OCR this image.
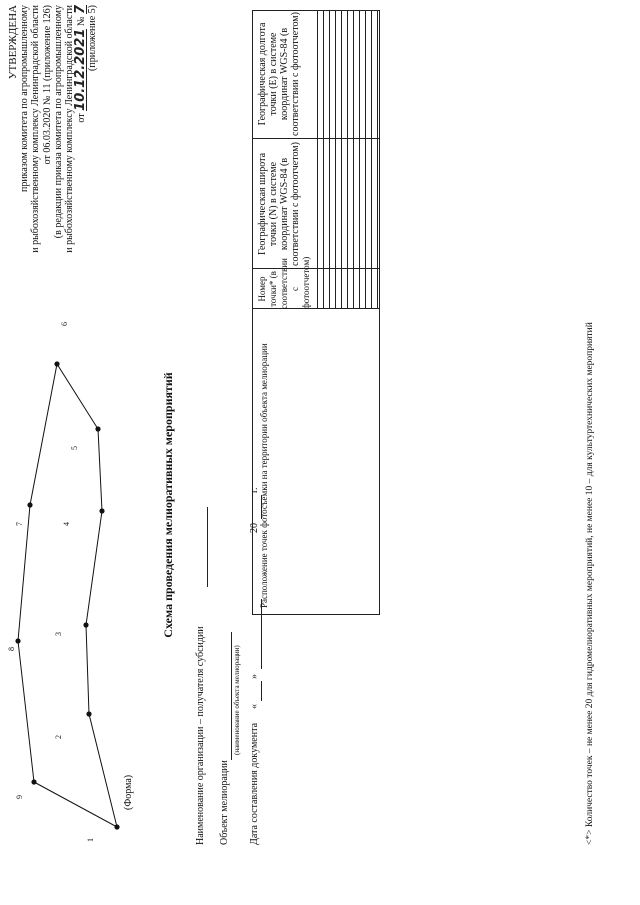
УТВЕРЖДЕНА приказом комитета по агропромышленному и рыбохозяйственному комплексу Ленинградской области от 06.03.2020 № 11 (приложение 126) (в редакции приказа комитета по агропромышленному и рыбохозяйственному комплексу Ленинградской области от 10.12.2021 № 7 (приложение 5)
Схема проведения мелиоративных мероприятий
(Форма)	Наименование организации – получателя субсидии Объект мелиорации
(наименование объекта мелиорации)
Дата составления документа
«
»
20
г. Расположение точек фотосъемки на территории объекта мелиорации
Номер точки* (в соответствии с фотоотчетом)
Географическая широта точки (N) в системе координат WGS-84 (в соответствии с фотоотчетом)
Географическая долгота точки (E) в системе координат WGS-84 (в соответствии с фотоотчетом)
1
2
3
4
5
6
7
8
9	<*> Количество точек – не менее 20 для гидромелиоративных мероприятий, не менее 10 – для культуртехнических мероприятий
